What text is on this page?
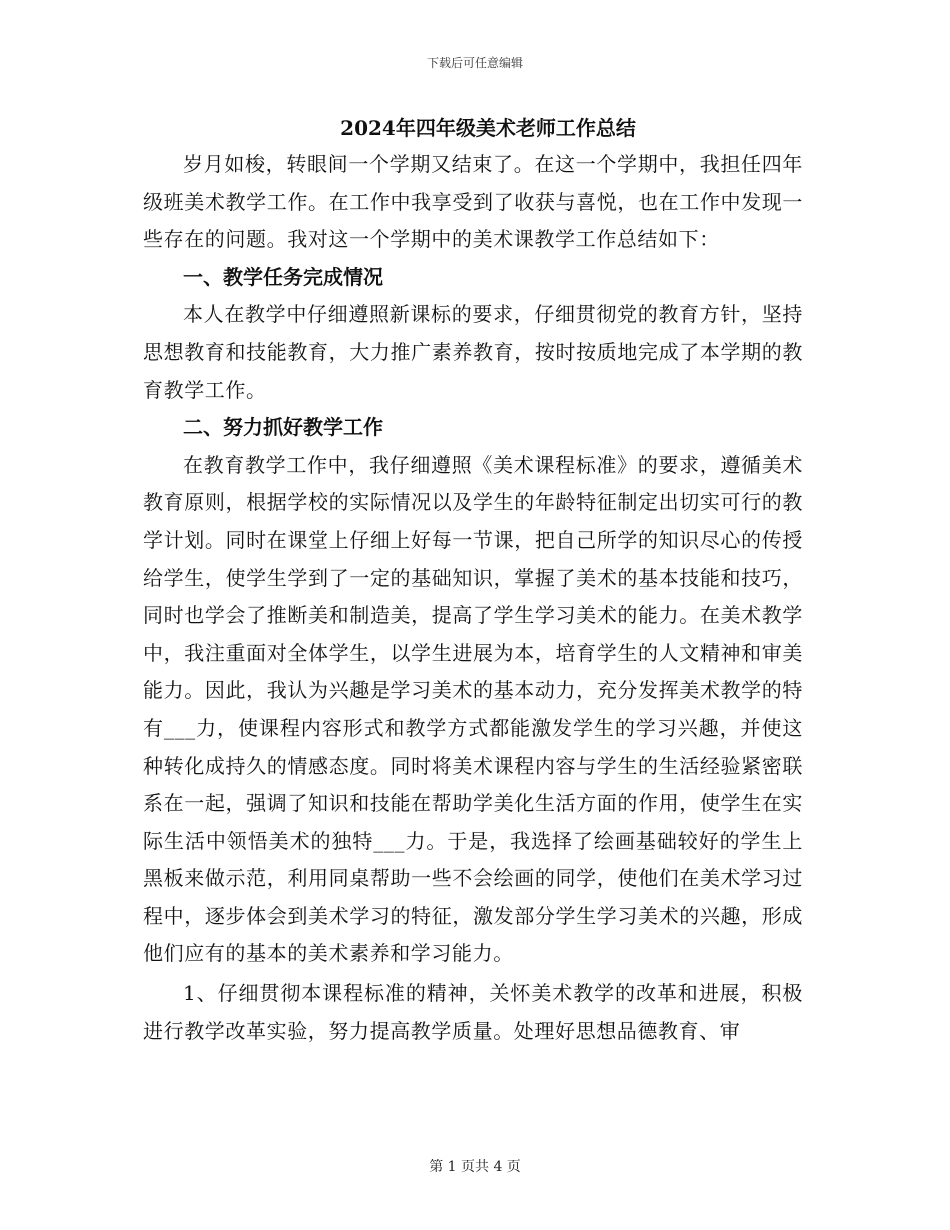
下载后可任意编辑
2024年四年级美术老师工作总结

岁月如梭，转眼间一个学期又结束了。在这一个学期中，我担任四年级班美术教学工作。在工作中我享受到了收获与喜悦，也在工作中发现一些存在的问题。我对这一个学期中的美术课教学工作总结如下：

一、教学任务完成情况

本人在教学中仔细遵照新课标的要求，仔细贯彻党的教育方针，坚持思想教育和技能教育，大力推广素养教育，按时按质地完成了本学期的教育教学工作。

二、努力抓好教学工作

在教育教学工作中，我仔细遵照《美术课程标准》的要求，遵循美术教育原则，根据学校的实际情况以及学生的年龄特征制定出切实可行的教学计划。同时在课堂上仔细上好每一节课，把自己所学的知识尽心的传授给学生，使学生学到了一定的基础知识，掌握了美术的基本技能和技巧，同时也学会了推断美和制造美，提高了学生学习美术的能力。在美术教学中，我注重面对全体学生，以学生进展为本，培育学生的人文精神和审美能力。因此，我认为兴趣是学习美术的基本动力，充分发挥美术教学的特有___力，使课程内容形式和教学方式都能激发学生的学习兴趣，并使这种转化成持久的情感态度。同时将美术课程内容与学生的生活经验紧密联系在一起，强调了知识和技能在帮助学美化生活方面的作用，使学生在实际生活中领悟美术的独特___力。于是，我选择了绘画基础较好的学生上黑板来做示范，利用同桌帮助一些不会绘画的同学，使他们在美术学习过程中，逐步体会到美术学习的特征，激发部分学生学习美术的兴趣，形成他们应有的基本的美术素养和学习能力。

1、仔细贯彻本课程标准的精神，关怀美术教学的改革和进展，积极进行教学改革实验，努力提高教学质量。处理好思想品德教育、审

第 1 页共 4 页
